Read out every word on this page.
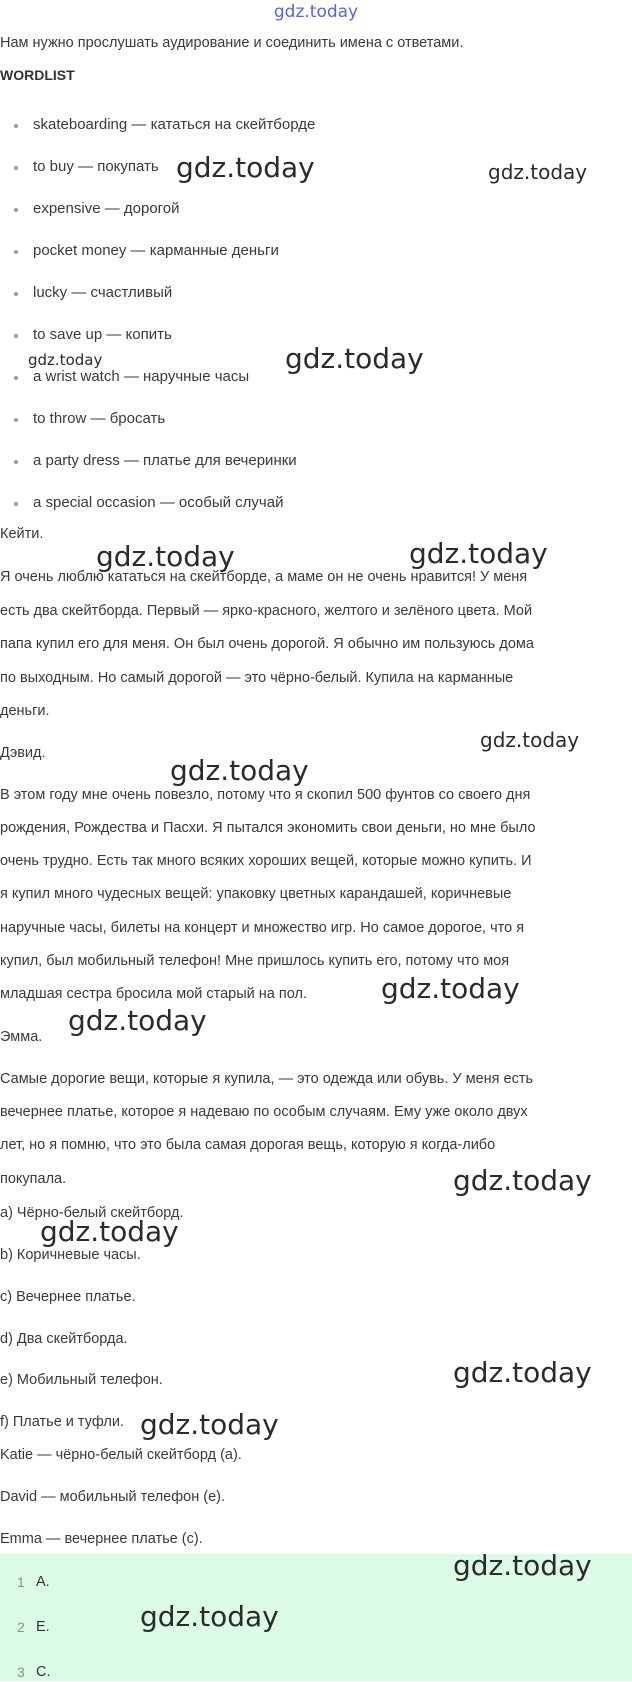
gdz.today

Нам нужно прослушать аудирование и соединить имена с ответами.

WORDLIST

skateboarding — кататься на скейтборде

to buy — покупать

expensive — дорогой

pocket money — карманные деньги

lucky — счастливый

to save up — копить

a wrist watch — наручные часы

to throw — бросать

a party dress — платье для вечеринки

a special occasion — особый случай

Кейти.

Я очень люблю кататься на скейтборде, а маме он не очень нравится! У меня

есть два скейтборда. Первый — ярко-красного, желтого и зелёного цвета. Мой

папа купил его для меня. Он был очень дорогой. Я обычно им пользуюсь дома

по выходным. Но самый дорогой — это чёрно-белый. Купила на карманные

деньги.

Дэвид.

В этом году мне очень повезло, потому что я скопил 500 фунтов со своего дня

рождения, Рождества и Пасхи. Я пытался экономить свои деньги, но мне было

очень трудно. Есть так много всяких хороших вещей, которые можно купить. И

я купил много чудесных вещей: упаковку цветных карандашей, коричневые

наручные часы, билеты на концерт и множество игр. Но самое дорогое, что я

купил, был мобильный телефон! Мне пришлось купить его, потому что моя

младшая сестра бросила мой старый на пол.

Эмма.

Самые дорогие вещи, которые я купила, — это одежда или обувь. У меня есть

вечернее платье, которое я надеваю по особым случаям. Ему уже около двух

лет, но я помню, что это была самая дорогая вещь, которую я когда-либо

покупала.

a) Чёрно-белый скейтборд.

b) Коричневые часы.

c) Вечернее платье.

d) Два скейтборда.

e) Мобильный телефон.

f) Платье и туфли.

Katie — чёрно-белый скейтборд (a).

David — мобильный телефон (e).

Emma — вечернее платье (c).

1 A.
2 E.
3 C.
gdz.today	gdz.today
gdz.today	gdz.today
gdz.today	gdz.today
gdz.today
gdz.today
gdz.today
gdz.today
gdz.today
gdz.today
gdz.today
gdz.today
gdz.today
gdz.today
